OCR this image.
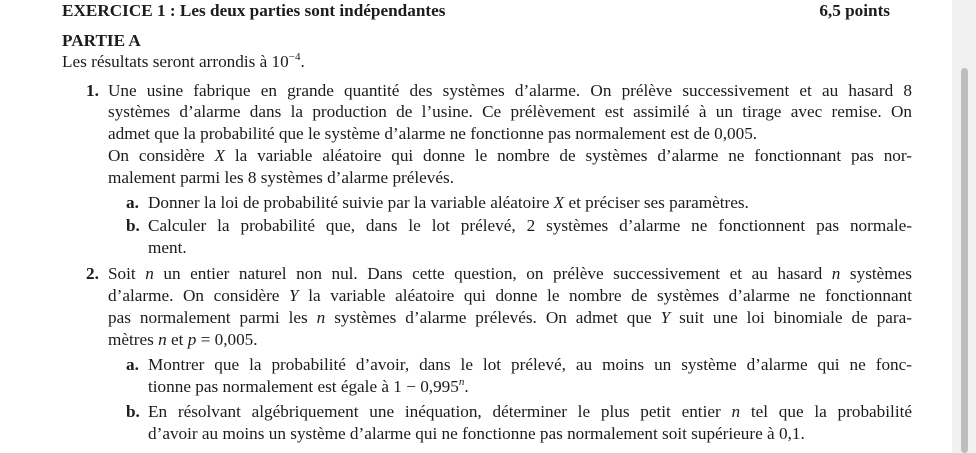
EXERCICE 1 : Les deux parties sont indépendantes	6,5 points
PARTIE A
Les résultats seront arrondis à $10^{-4}$.
1. Une usine fabrique en grande quantité des systèmes d’alarme. On prélève successivement et au hasard 8
systèmes d’alarme dans la production de l’usine. Ce prélèvement est assimilé à un tirage avec remise. On
admet que la probabilité que le système d’alarme ne fonctionne pas normalement est de 0,005.
On considère X la variable aléatoire qui donne le nombre de systèmes d’alarme ne fonctionnant pas nor-
malement parmi les 8 systèmes d’alarme prélevés.
a. Donner la loi de probabilité suivie par la variable aléatoire X et préciser ses paramètres.
b. Calculer la probabilité que, dans le lot prélevé, 2 systèmes d’alarme ne fonctionnent pas normale-
ment.
2. Soit n un entier naturel non nul. Dans cette question, on prélève successivement et au hasard n systèmes
d’alarme. On considère Y la variable aléatoire qui donne le nombre de systèmes d’alarme ne fonctionnant
pas normalement parmi les n systèmes d’alarme prélevés. On admet que Y suit une loi binomiale de para-
mètres n et p = 0,005.
a. Montrer que la probabilité d’avoir, dans le lot prélevé, au moins un système d’alarme qui ne fonc-
tionne pas normalement est égale à $1 - 0,995^n$.
b. En résolvant algébriquement une inéquation, déterminer le plus petit entier n tel que la probabilité
d’avoir au moins un système d’alarme qui ne fonctionne pas normalement soit supérieure à 0,1.
